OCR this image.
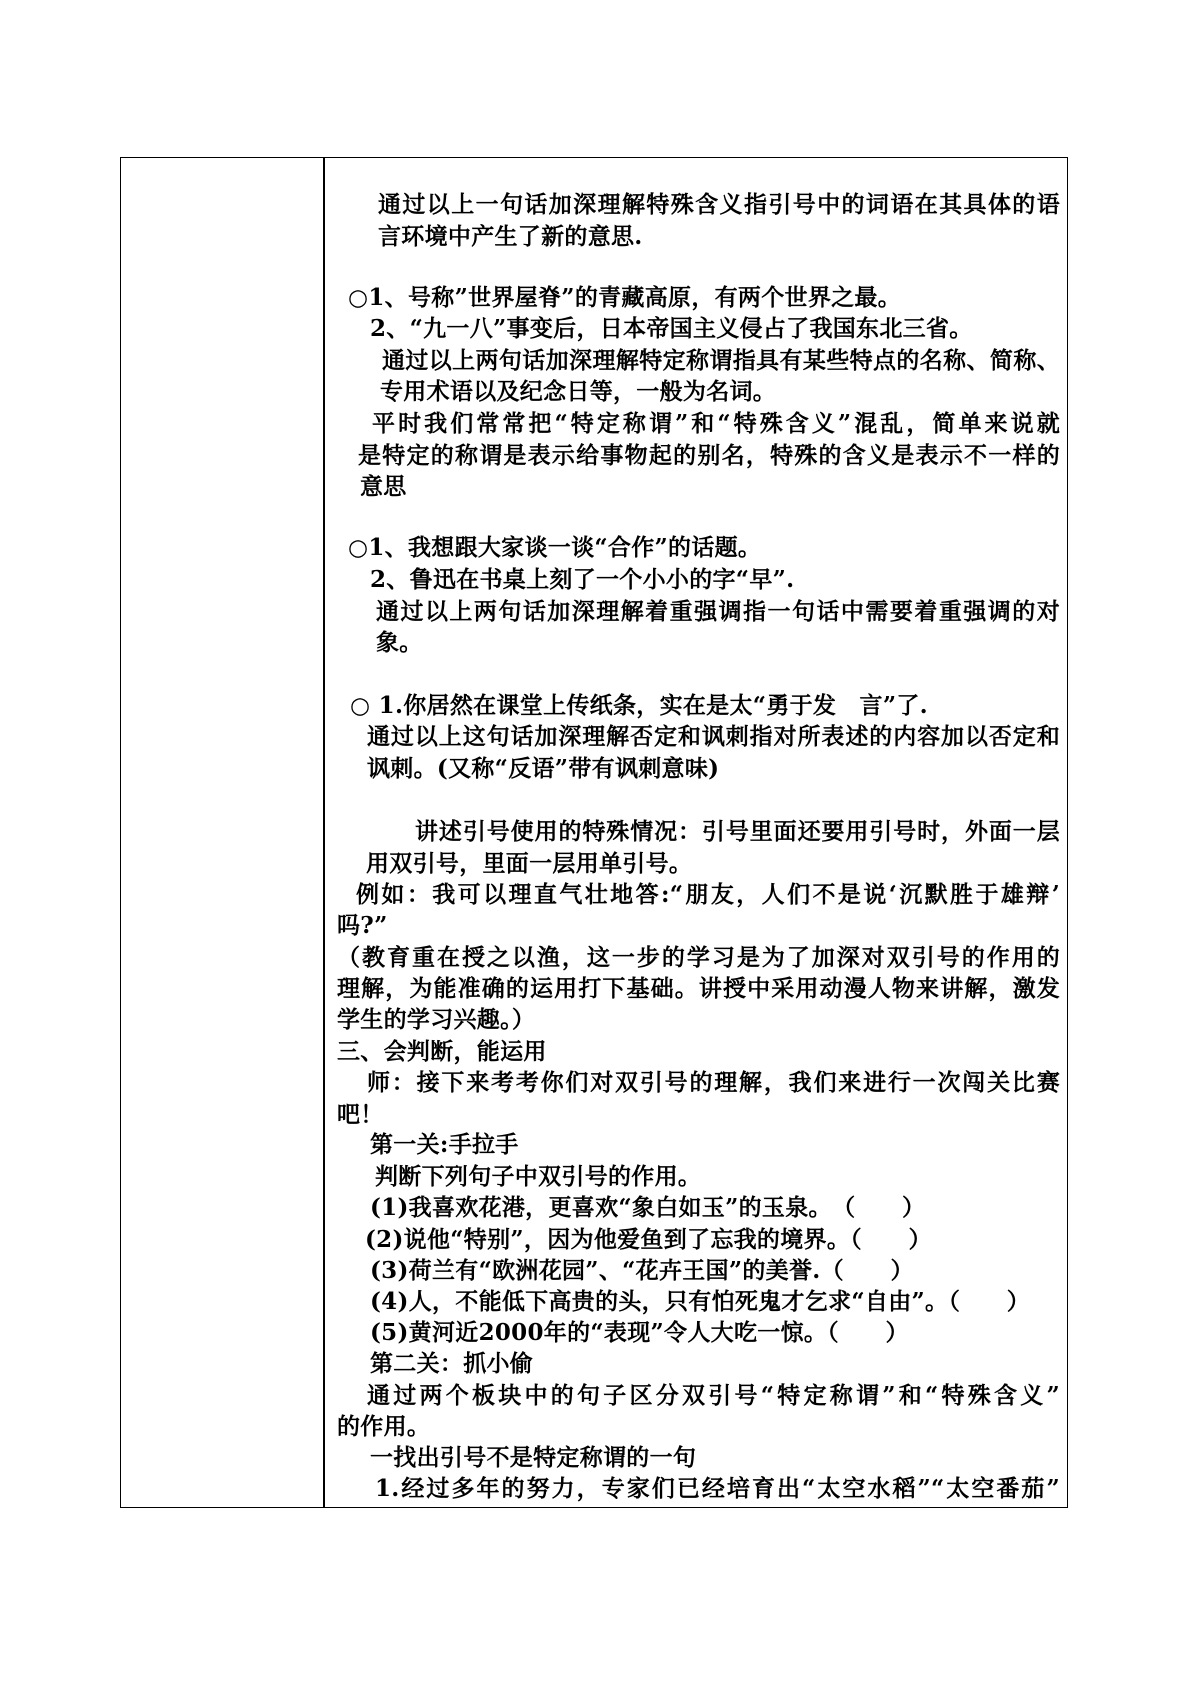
通过以上一句话加深理解特殊含义指引号中的词语在其具体的语
言环境中产生了新的意思.
○1、号称”世界屋脊”的青藏高原，有两个世界之最。
2、“九一八”事变后，日本帝国主义侵占了我国东北三省。
通过以上两句话加深理解特定称谓指具有某些特点的名称、简称、
专用术语以及纪念日等，一般为名词。
平时我们常常把“特定称谓”和“特殊含义”混乱，简单来说就
是特定的称谓是表示给事物起的别名，特殊的含义是表示不一样的
意思
○1、我想跟大家谈一谈“合作”的话题。
2、鲁迅在书桌上刻了一个小小的字“早”.
通过以上两句话加深理解着重强调指一句话中需要着重强调的对
象。
○ 1.你居然在课堂上传纸条，实在是太“勇于发　言”了.
通过以上这句话加深理解否定和讽刺指对所表述的内容加以否定和
讽刺。(又称“反语”带有讽刺意味)
讲述引号使用的特殊情况：引号里面还要用引号时，外面一层
用双引号，里面一层用单引号。
例如：我可以理直气壮地答:“朋友，人们不是说‘沉默胜于雄辩’
吗?”
（教育重在授之以渔，这一步的学习是为了加深对双引号的作用的
理解，为能准确的运用打下基础。讲授中采用动漫人物来讲解，激发
学生的学习兴趣。）
三、会判断，能运用
师：接下来考考你们对双引号的理解，我们来进行一次闯关比赛
吧！
第一关:手拉手
判断下列句子中双引号的作用。
(1)我喜欢花港，更喜欢“象白如玉”的玉泉。　（　　）
(2)说他“特别”，因为他爱鱼到了忘我的境界。（　　）
(3)荷兰有“欧洲花园”、“花卉王国”的美誉.（　　）
(4)人，不能低下高贵的头，只有怕死鬼才乞求“自由”。（　　）
(5)黄河近2000年的“表现”令人大吃一惊。（　　）
第二关：抓小偷
通过两个板块中的句子区分双引号“特定称谓”和“特殊含义”
的作用。
一找出引号不是特定称谓的一句
1.经过多年的努力，专家们已经培育出“太空水稻”“太空番茄”
